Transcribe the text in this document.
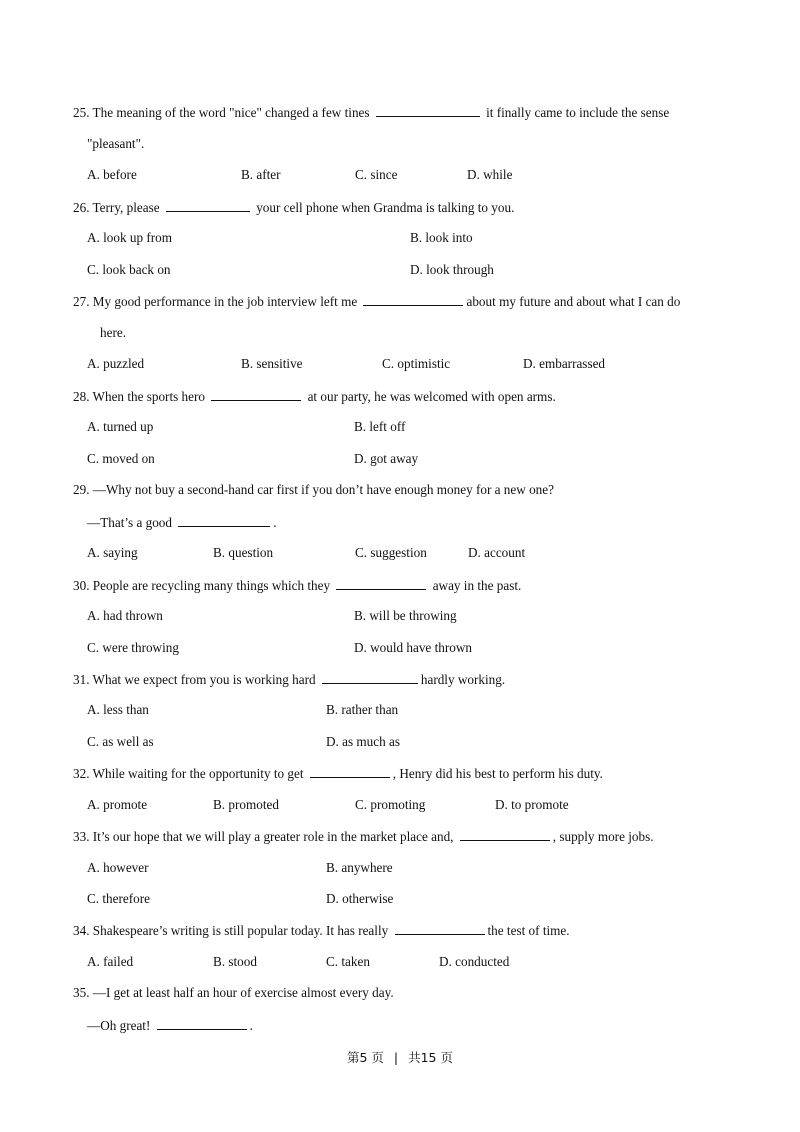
25. The meaning of the word "nice" changed a few tines	it finally came to include the sense
"pleasant".
A. before	B. after	C. since	D. while
26. Terry, please	your cell phone when Grandma is talking to you.
A. look up from	B. look into
C. look back on	D. look through
27. My good performance in the job interview left me	about my future and about what I can do
here.
A. puzzled	B. sensitive	C. optimistic	D. embarrassed
28. When the sports hero	at our party, he was welcomed with open arms.
A. turned up	B. left off
C. moved on	D. got away
29. —Why not buy a second-hand car first if you don’t have enough money for a new one?
—That’s a good	.
A. saying	B. question	C. suggestion	D. account
30. People are recycling many things which they	away in the past.
A. had thrown	B. will be throwing
C. were throwing	D. would have thrown
31. What we expect from you is working hard	hardly working.
A. less than	B. rather than
C. as well as	D. as much as
32. While waiting for the opportunity to get	, Henry did his best to perform his duty.
A. promote	B. promoted	C. promoting	D. to promote
33. It’s our hope that we will play a greater role in the market place and,	, supply more jobs.
A. however	B. anywhere
C. therefore	D. otherwise
34. Shakespeare’s writing is still popular today. It has really	the test of time.
A. failed	B. stood	C. taken	D. conducted
35. —I get at least half an hour of exercise almost every day.
—Oh great!	.
第5 页 | 共15 页
